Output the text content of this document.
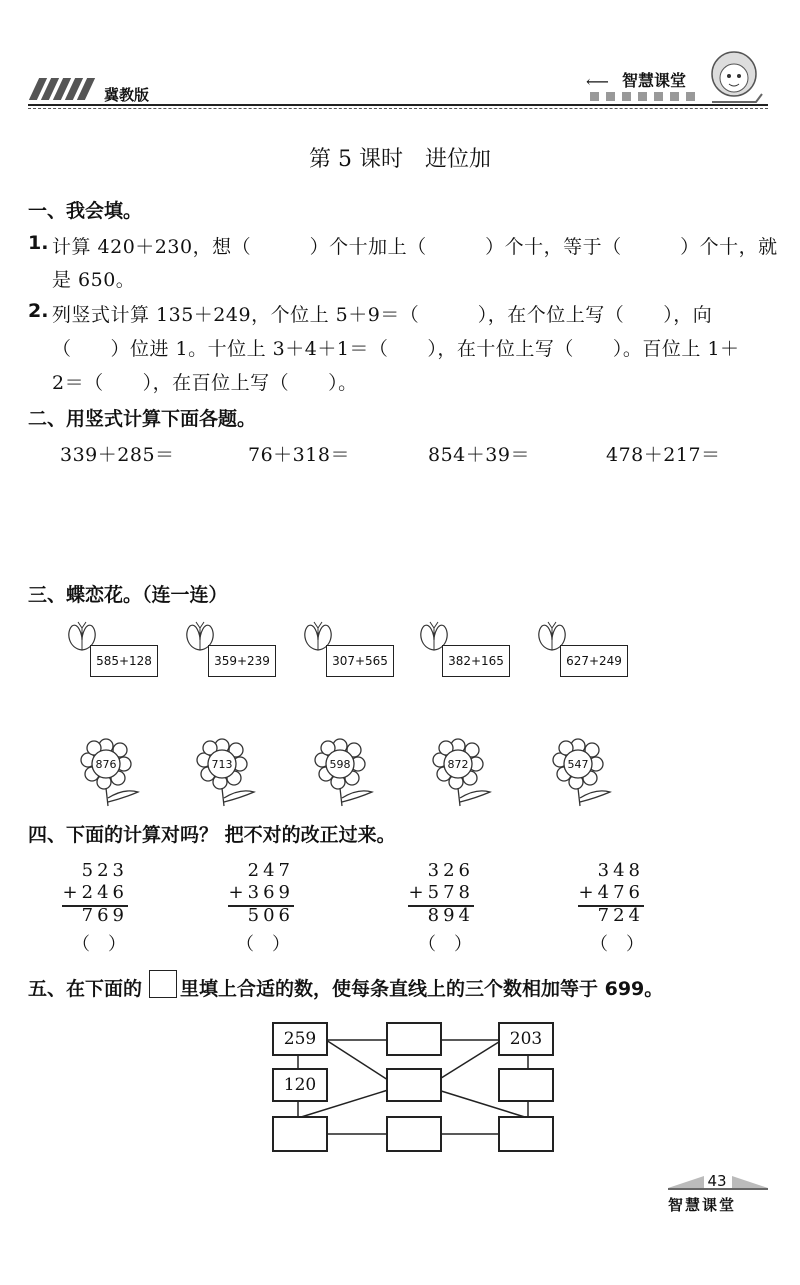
冀教版
⟵ 智慧课堂
第 5 课时　进位加
一、我会填。
1. 计算 420＋230，想（　　　）个十加上（　　　）个十，等于（　　　）个十，就
是 650。
2. 列竖式计算 135＋249，个位上 5＋9＝（　　　），在个位上写（　　），向
（　　）位进 1。十位上 3＋4＋1＝（　　），在十位上写（　　）。百位上 1＋
2＝（　　），在百位上写（　　）。
二、用竖式计算下面各题。
339＋285＝	76＋318＝	854＋39＝	478＋217＝
三、蝶恋花。（连一连）
585+128	359+239	307+565	382+165	627+249
876	713	598	872	547
四、下面的计算对吗？ 把不对的改正过来。
523
+246
769
（　）
247
+369
506
（　）
326
+578
894
（　）
348
+476
724
（　）
五、在下面的 里填上合适的数，使每条直线上的三个数相加等于 699。
259	203
120
43
智慧课堂
